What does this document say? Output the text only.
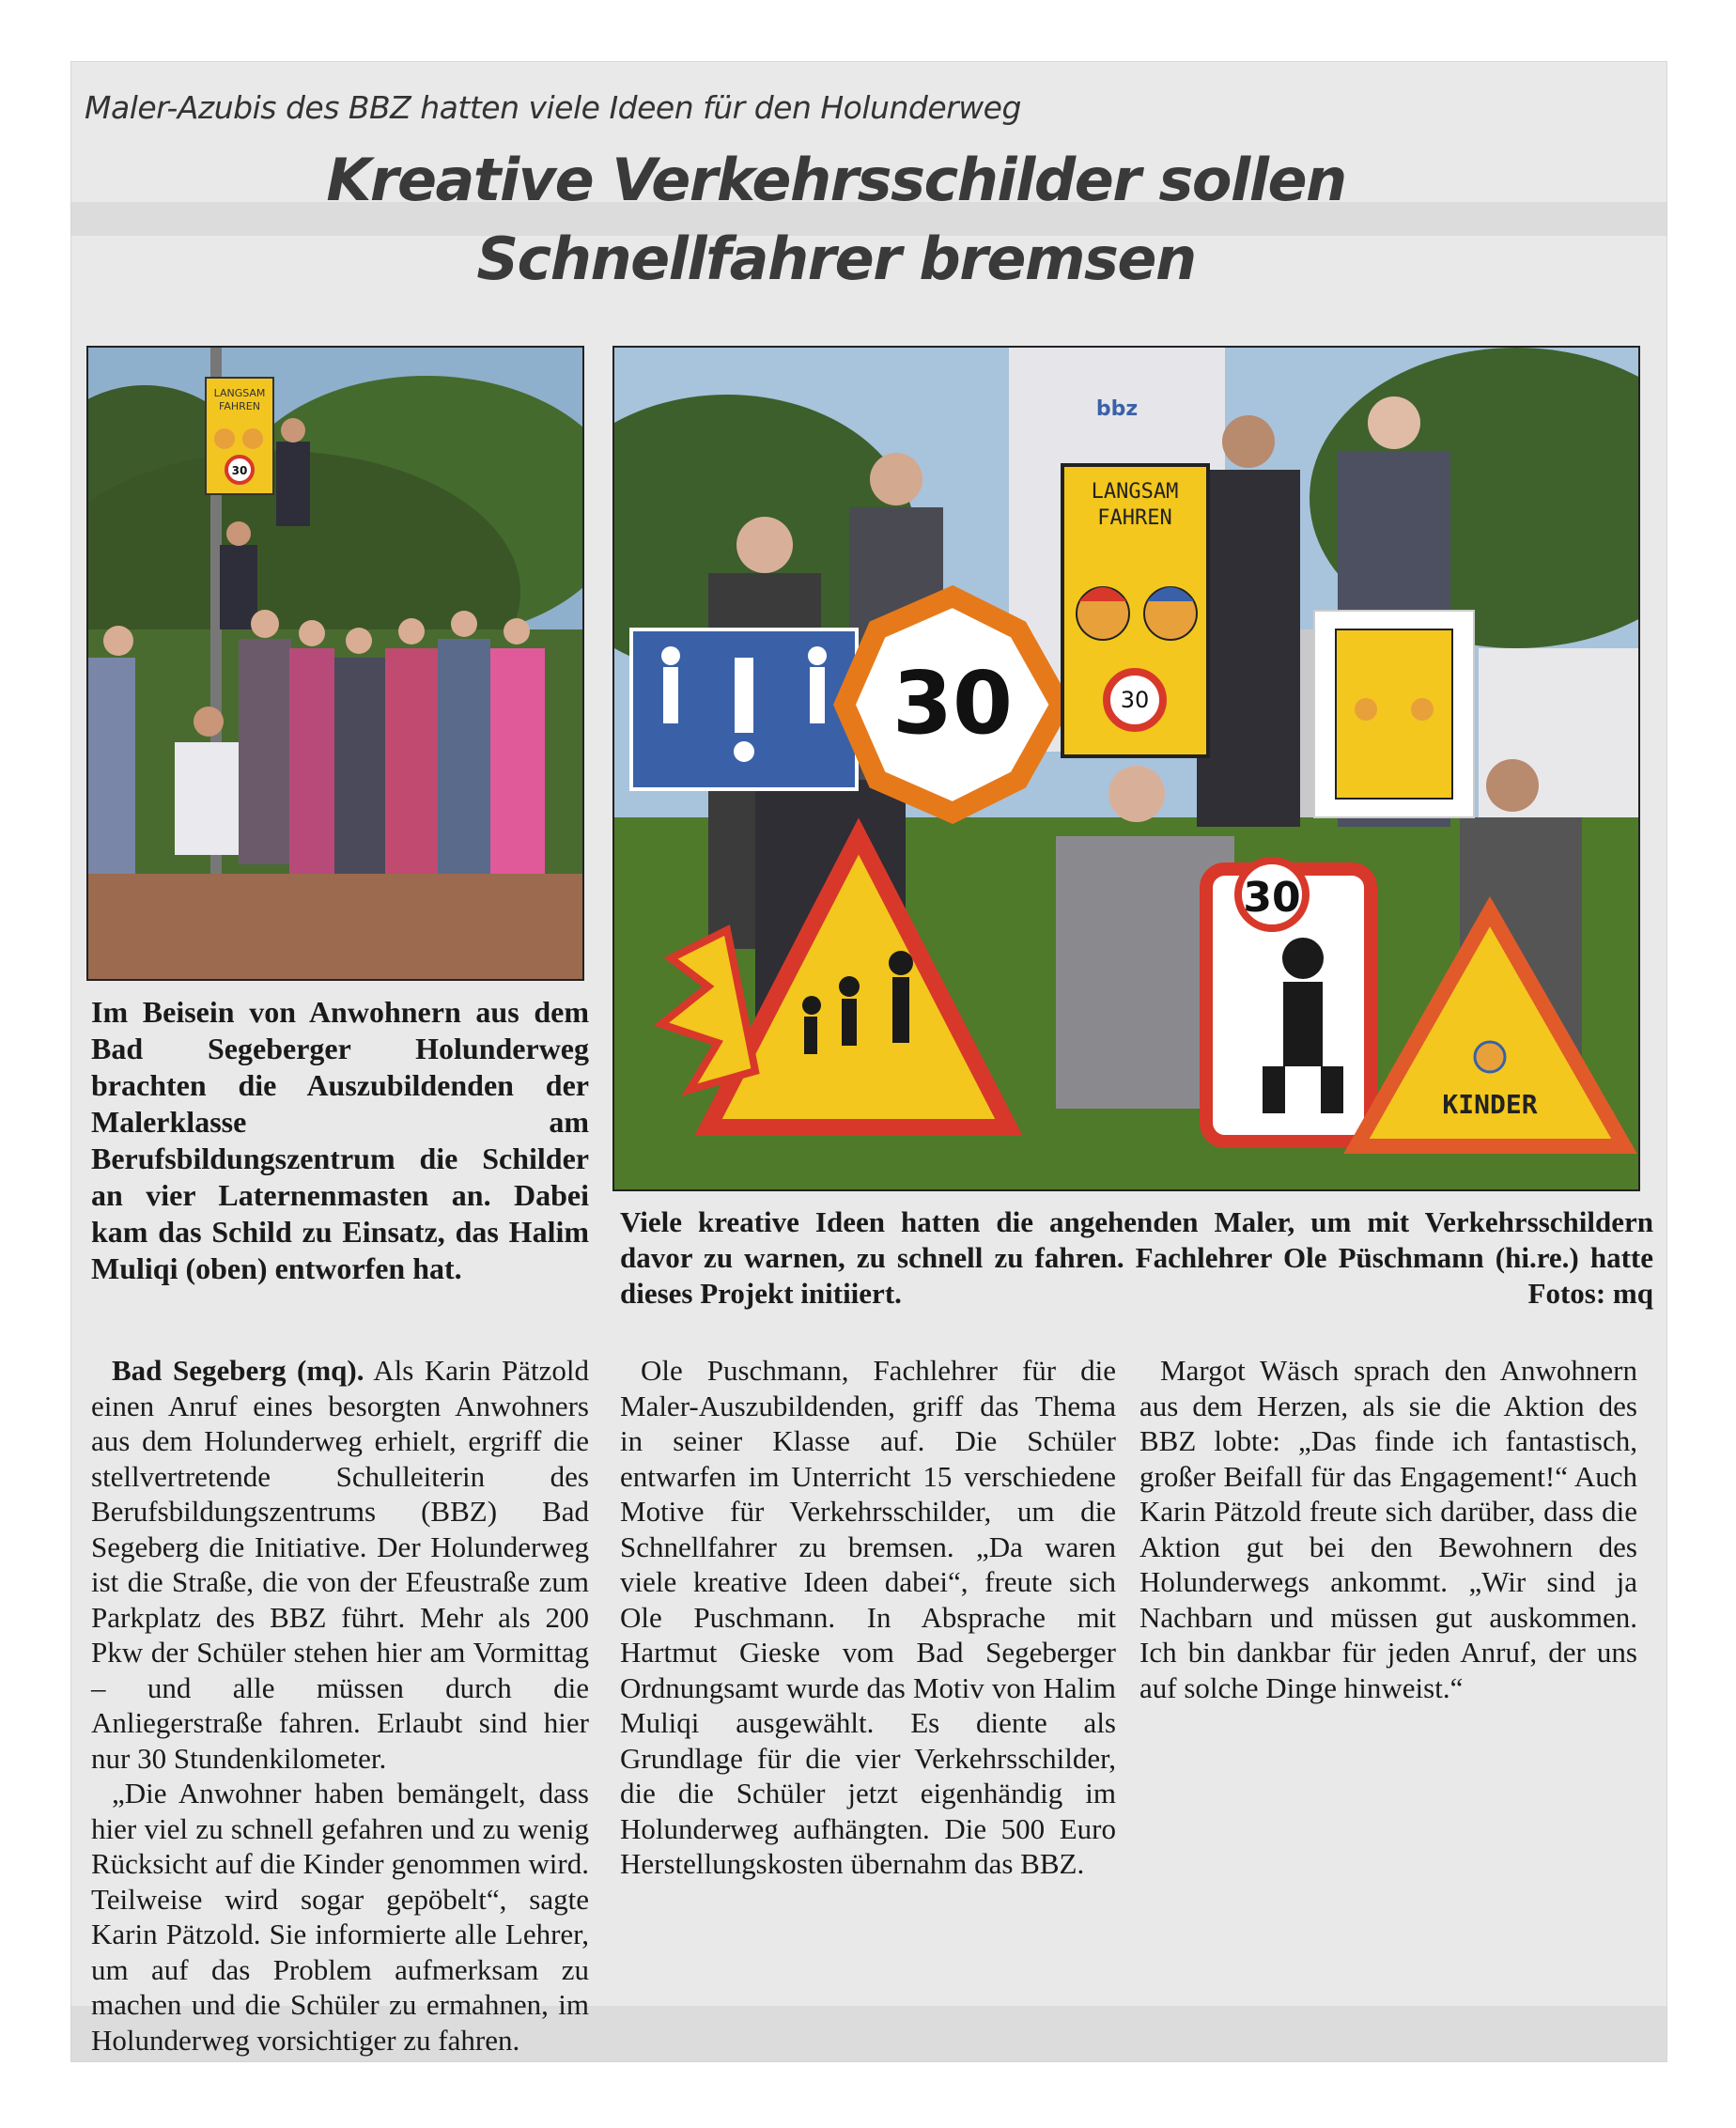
Maler-Azubis des BBZ hatten viele Ideen für den Holunderweg
Kreative Verkehrsschilder sollen Schnellfahrer bremsen
LANGSAM
FAHREN
30
bbz
30
LANGSAM
FAHREN
30
30
KINDER
Im Beisein von Anwohnern aus dem Bad Segeberger Holunderweg brachten die Auszubildenden der Malerklasse am Berufsbildungszentrum die Schilder an vier Laternenmasten an. Dabei kam das Schild zu Einsatz, das Halim Muliqi (oben) entworfen hat.
Viele kreative Ideen hatten die angehenden Maler, um mit Verkehrsschildern davor zu warnen, zu schnell zu fahren. Fachlehrer Ole Püschmann (hi.re.) hatte dieses Projekt initiiert.	Fotos: mq

Bad Segeberg (mq). Als Karin Pätzold einen Anruf eines besorgten Anwohners aus dem Holunderweg erhielt, ergriff die stellvertretende Schulleiterin des Berufsbildungszentrums (BBZ) Bad Segeberg die Initiative. Der Holunderweg ist die Straße, die von der Efeustraße zum Parkplatz des BBZ führt. Mehr als 200 Pkw der Schüler stehen hier am Vormittag – und alle müssen durch die Anliegerstraße fahren. Erlaubt sind hier nur 30 Stundenkilometer.

„Die Anwohner haben bemängelt, dass hier viel zu schnell gefahren und zu wenig Rücksicht auf die Kinder genommen wird. Teilweise wird sogar gepöbelt“, sagte Karin Pätzold. Sie informierte alle Lehrer, um auf das Problem aufmerksam zu machen und die Schüler zu ermahnen, im Holunderweg vorsichtiger zu fahren.

Ole Puschmann, Fachlehrer für die Maler-Auszubildenden, griff das Thema in seiner Klasse auf. Die Schüler entwarfen im Unterricht 15 verschiedene Motive für Verkehrsschilder, um die Schnellfahrer zu bremsen. „Da waren viele kreative Ideen dabei“, freute sich Ole Puschmann. In Absprache mit Hartmut Gieske vom Bad Segeberger Ordnungsamt wurde das Motiv von Halim Muliqi ausgewählt. Es diente als Grundlage für die vier Verkehrsschilder, die die Schüler jetzt eigenhändig im Holunderweg aufhängten. Die 500 Euro Herstellungskosten übernahm das BBZ.

Margot Wäsch sprach den Anwohnern aus dem Herzen, als sie die Aktion des BBZ lobte: „Das finde ich fantastisch, großer Beifall für das Engagement!“ Auch Karin Pätzold freute sich darüber, dass die Aktion gut bei den Bewohnern des Holunderwegs ankommt. „Wir sind ja Nachbarn und müssen gut auskommen. Ich bin dankbar für jeden Anruf, der uns auf solche Dinge hinweist.“
